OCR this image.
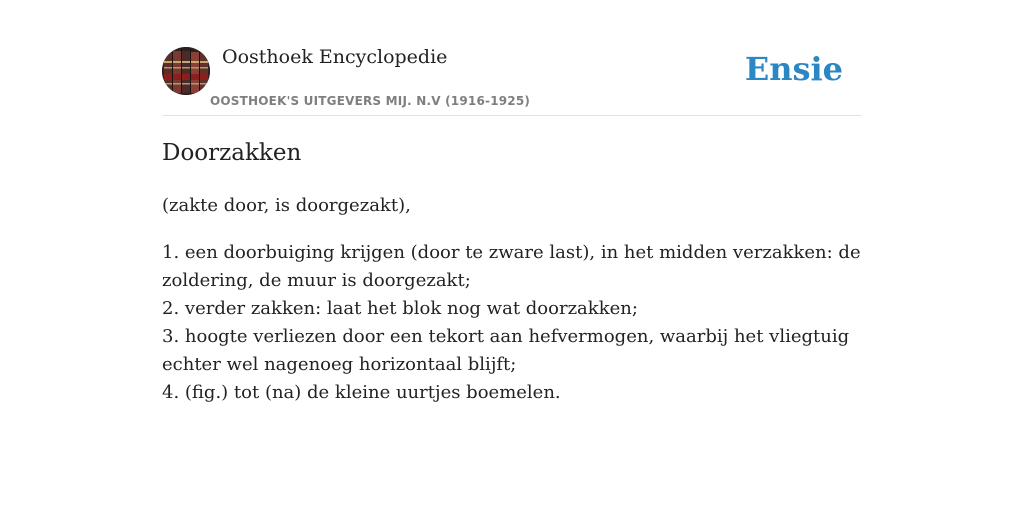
Oosthoek Encyclopedie
OOSTHOEK'S UITGEVERS MIJ. N.V (1916-1925)
Ensie
Doorzakken

(zakte door, is doorgezakt),

1. een doorbuiging krijgen (door te zware last), in het midden verzakken: de zoldering, de muur is doorgezakt;
2. verder zakken: laat het blok nog wat doorzakken;
3. hoogte verliezen door een tekort aan hefvermogen, waarbij het vliegtuig echter wel nagenoeg horizontaal blijft;
4. (fig.) tot (na) de kleine uurtjes boemelen.
